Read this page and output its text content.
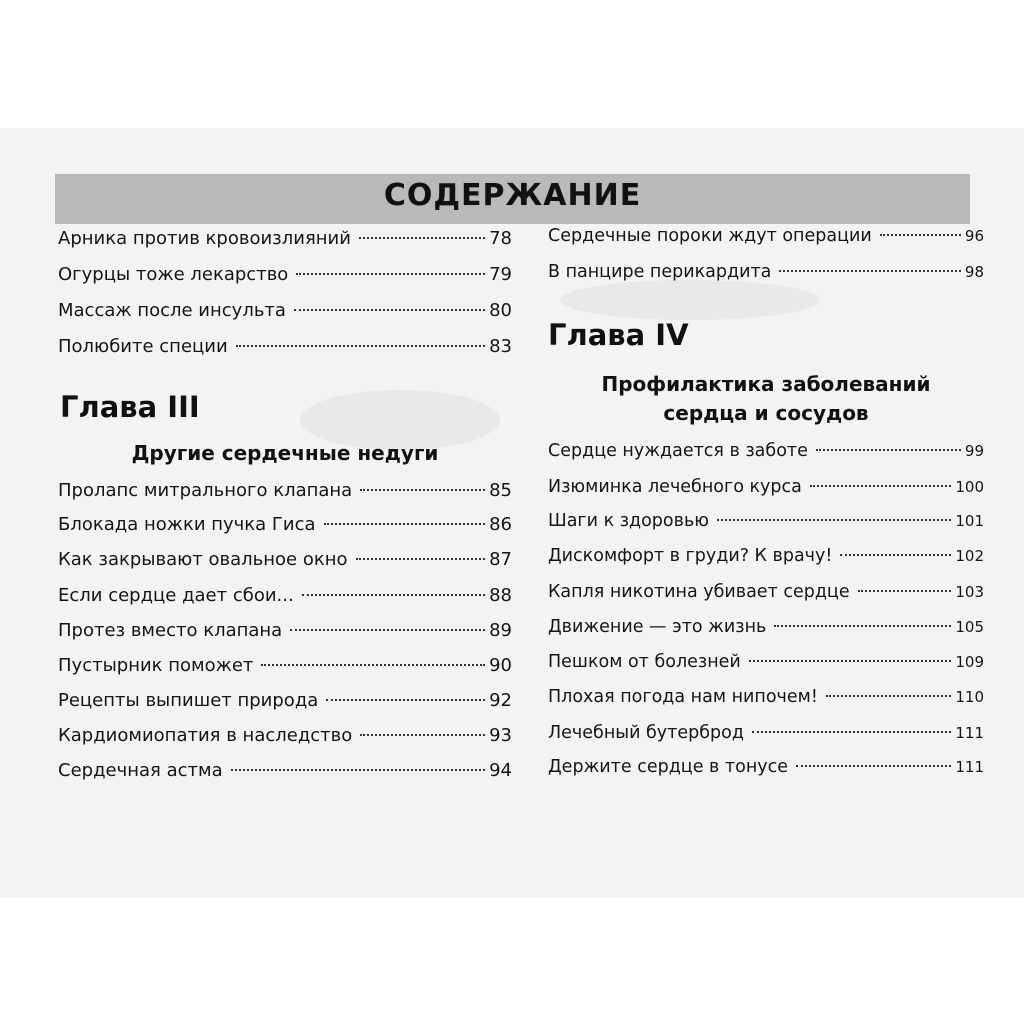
СОДЕРЖАНИЕ
Арника против кровоизлияний	78
Огурцы тоже лекарство	79
Массаж после инсульта	80
Полюбите специи	83
Глава III
Другие сердечные недуги
Пролапс митрального клапана	85
Блокада ножки пучка Гиса	86
Как закрывают овальное окно	87
Если сердце дает сбои...	88
Протез вместо клапана	89
Пустырник поможет	90
Рецепты выпишет природа	92
Кардиомиопатия в наследство	93
Сердечная астма	94
Сердечные пороки ждут операции	96
В панцире перикардита	98
Глава IV
Профилактика заболеваний
сердца и сосудов
Сердце нуждается в заботе	99
Изюминка лечебного курса	100
Шаги к здоровью	101
Дискомфорт в груди? К врачу!	102
Капля никотина убивает сердце	103
Движение — это жизнь	105
Пешком от болезней	109
Плохая погода нам нипочем!	110
Лечебный бутерброд	111
Держите сердце в тонусе	111
